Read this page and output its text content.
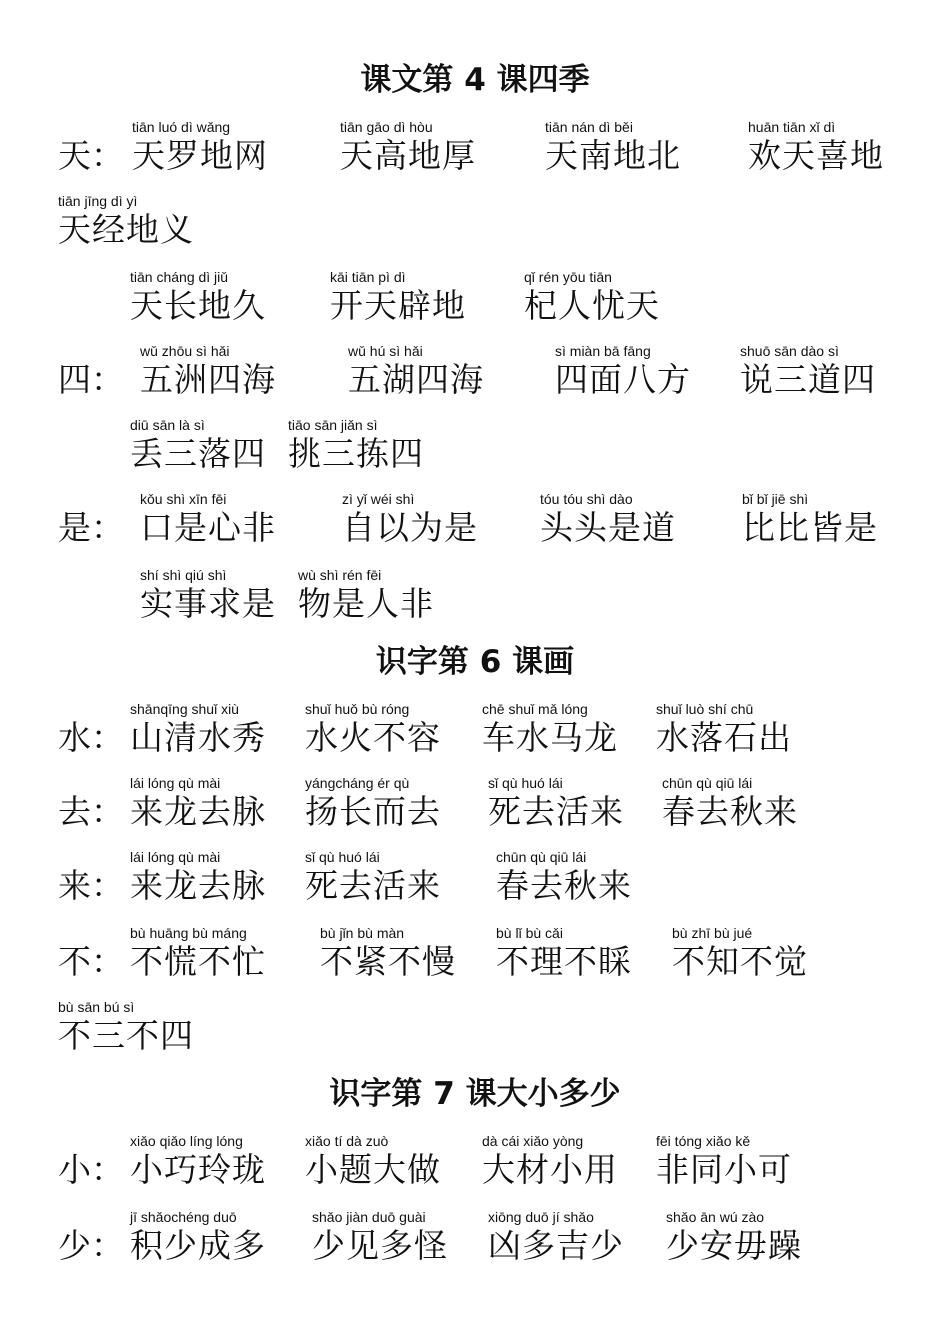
课文第 4 课四季
天：
tiān luó dì wǎng
天罗地网
tiān gāo dì hòu
天高地厚
tiān nán dì běi
天南地北
huān tiān xǐ dì
欢天喜地
tiān jīng dì yì
天经地义
tiān cháng dì jiǔ
天长地久
kāi tiān pì dì
开天辟地
qǐ rén yōu tiān
杞人忧天
四：
wǔ zhōu sì hǎi
五洲四海
wǔ hú sì hǎi
五湖四海
sì miàn bā fāng
四面八方
shuō sān dào sì
说三道四
diū sān là sì
丢三落四
tiāo sān jiǎn sì
挑三拣四
是：
kǒu shì xīn fēi
口是心非
zì yǐ wéi shì
自以为是
tóu tóu shì dào
头头是道
bǐ bǐ jiē shì
比比皆是
shí shì qiú shì
实事求是
wù shì rén fēi
物是人非
识字第 6 课画
水：
shānqīng shuǐ xiù
山清水秀
shuǐ huǒ bù róng
水火不容
chē shuǐ mǎ lóng
车水马龙
shuǐ luò shí chū
水落石出
去：
lái lóng qù mài
来龙去脉
yángcháng ér qù
扬长而去
sǐ qù huó lái
死去活来
chūn qù qiū lái
春去秋来
来：
lái lóng qù mài
来龙去脉
sǐ qù huó lái
死去活来
chūn qù qiū lái
春去秋来
不：
bù huāng bù máng
不慌不忙
bù jǐn bù màn
不紧不慢
bù lǐ bù cǎi
不理不睬
bù zhī bù jué
不知不觉
bù sān bú sì
不三不四
识字第 7 课大小多少
小：
xiǎo qiǎo líng lóng
小巧玲珑
xiǎo tí dà zuò
小题大做
dà cái xiǎo yòng
大材小用
fēi tóng xiǎo kě
非同小可
少：
jī shǎochéng duō
积少成多
shǎo jiàn duō guài
少见多怪
xiōng duō jí shǎo
凶多吉少
shǎo ān wú zào
少安毋躁
